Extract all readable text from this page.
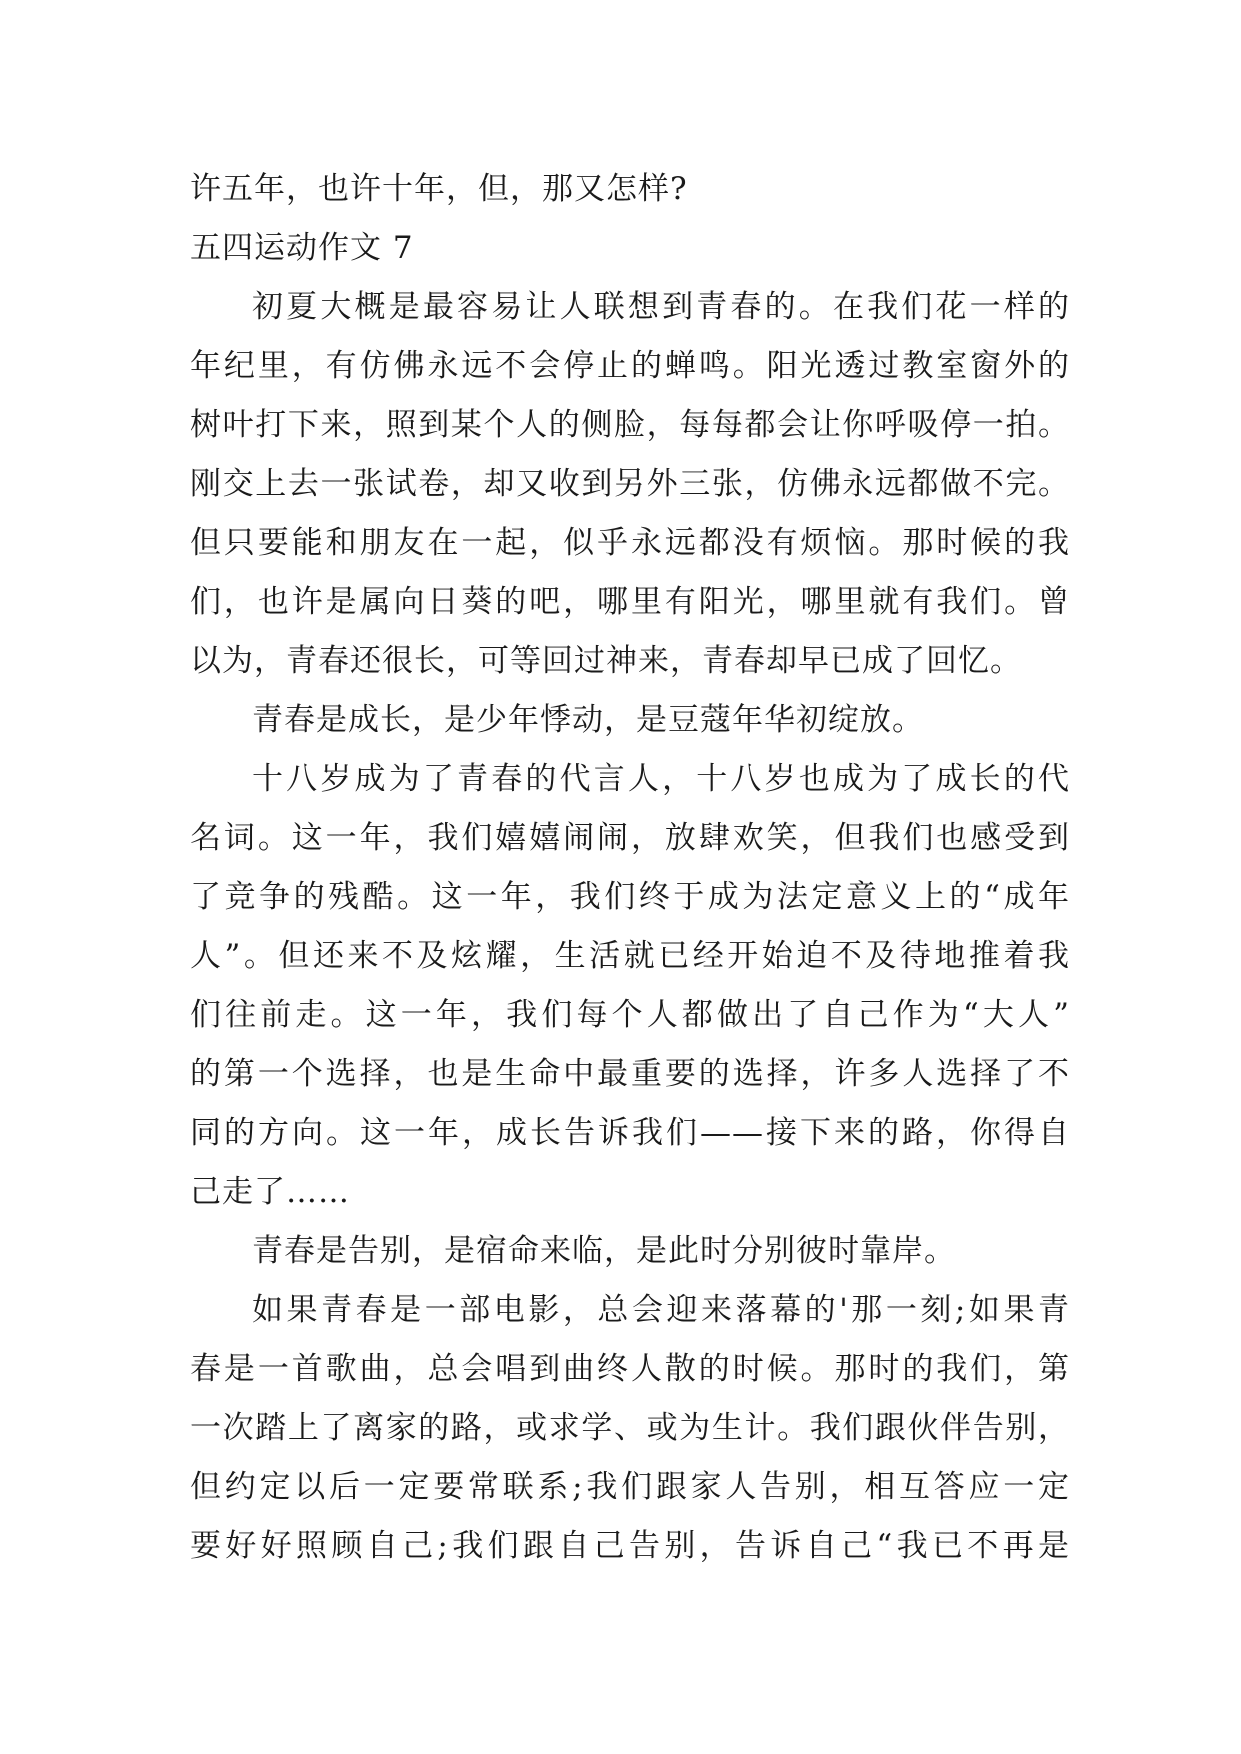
许五年，也许十年，但，那又怎样?
五四运动作文 7
初夏大概是最容易让人联想到青春的。在我们花一样的
年纪里，有仿佛永远不会停止的蝉鸣。阳光透过教室窗外的
树叶打下来，照到某个人的侧脸，每每都会让你呼吸停一拍。
刚交上去一张试卷，却又收到另外三张，仿佛永远都做不完。
但只要能和朋友在一起，似乎永远都没有烦恼。那时候的我
们，也许是属向日葵的吧，哪里有阳光，哪里就有我们。曾
以为，青春还很长，可等回过神来，青春却早已成了回忆。
青春是成长，是少年悸动，是豆蔻年华初绽放。
十八岁成为了青春的代言人，十八岁也成为了成长的代
名词。这一年，我们嬉嬉闹闹，放肆欢笑，但我们也感受到
了竞争的残酷。这一年，我们终于成为法定意义上的“成年
人”。但还来不及炫耀，生活就已经开始迫不及待地推着我
们往前走。这一年，我们每个人都做出了自己作为“大人”
的第一个选择，也是生命中最重要的选择，许多人选择了不
同的方向。这一年，成长告诉我们——接下来的路，你得自
己走了……
青春是告别，是宿命来临，是此时分别彼时靠岸。
如果青春是一部电影，总会迎来落幕的'那一刻;如果青
春是一首歌曲，总会唱到曲终人散的时候。那时的我们，第
一次踏上了离家的路，或求学、或为生计。我们跟伙伴告别，
但约定以后一定要常联系;我们跟家人告别，相互答应一定
要好好照顾自己;我们跟自己告别，告诉自己“我已不再是
